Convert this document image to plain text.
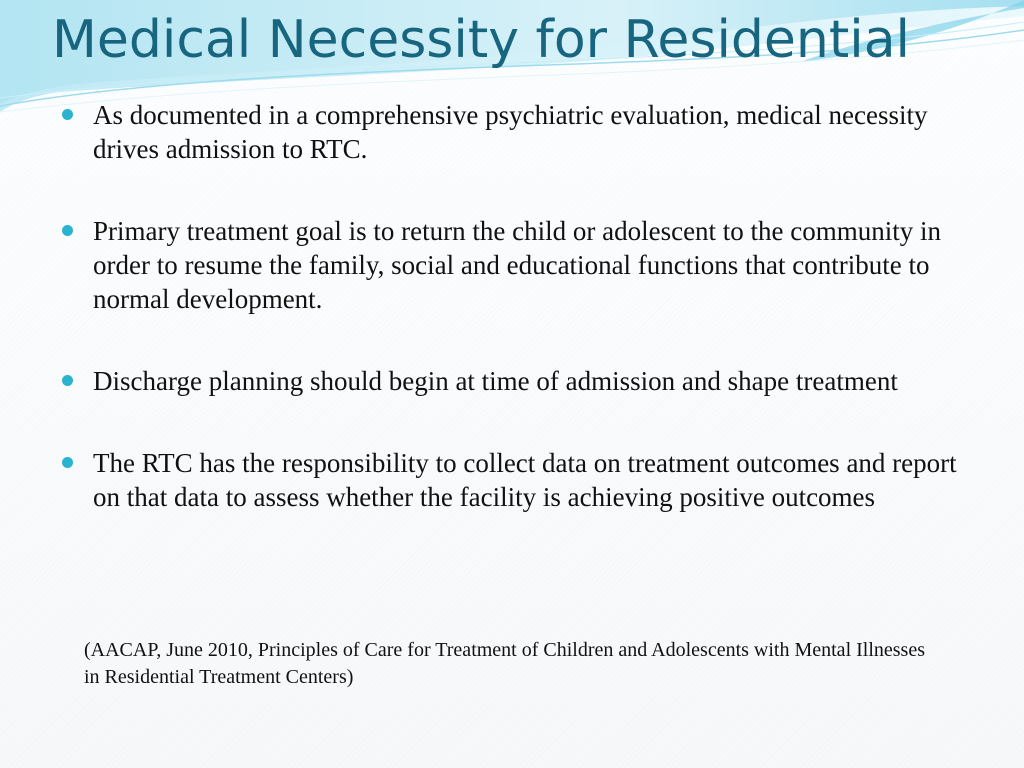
Medical Necessity for Residential
As documented in a comprehensive psychiatric evaluation, medical necessity drives admission to RTC.
Primary treatment goal is to return the child or adolescent to the community in order to resume the family, social and educational functions that contribute to normal development.
Discharge planning should begin at time of admission and shape treatment
The RTC has the responsibility to collect data on treatment outcomes and report on that data to assess whether the facility is achieving positive outcomes

(AACAP, June 2010, Principles of Care for Treatment of Children and Adolescents with Mental Illnesses in Residential Treatment Centers)
